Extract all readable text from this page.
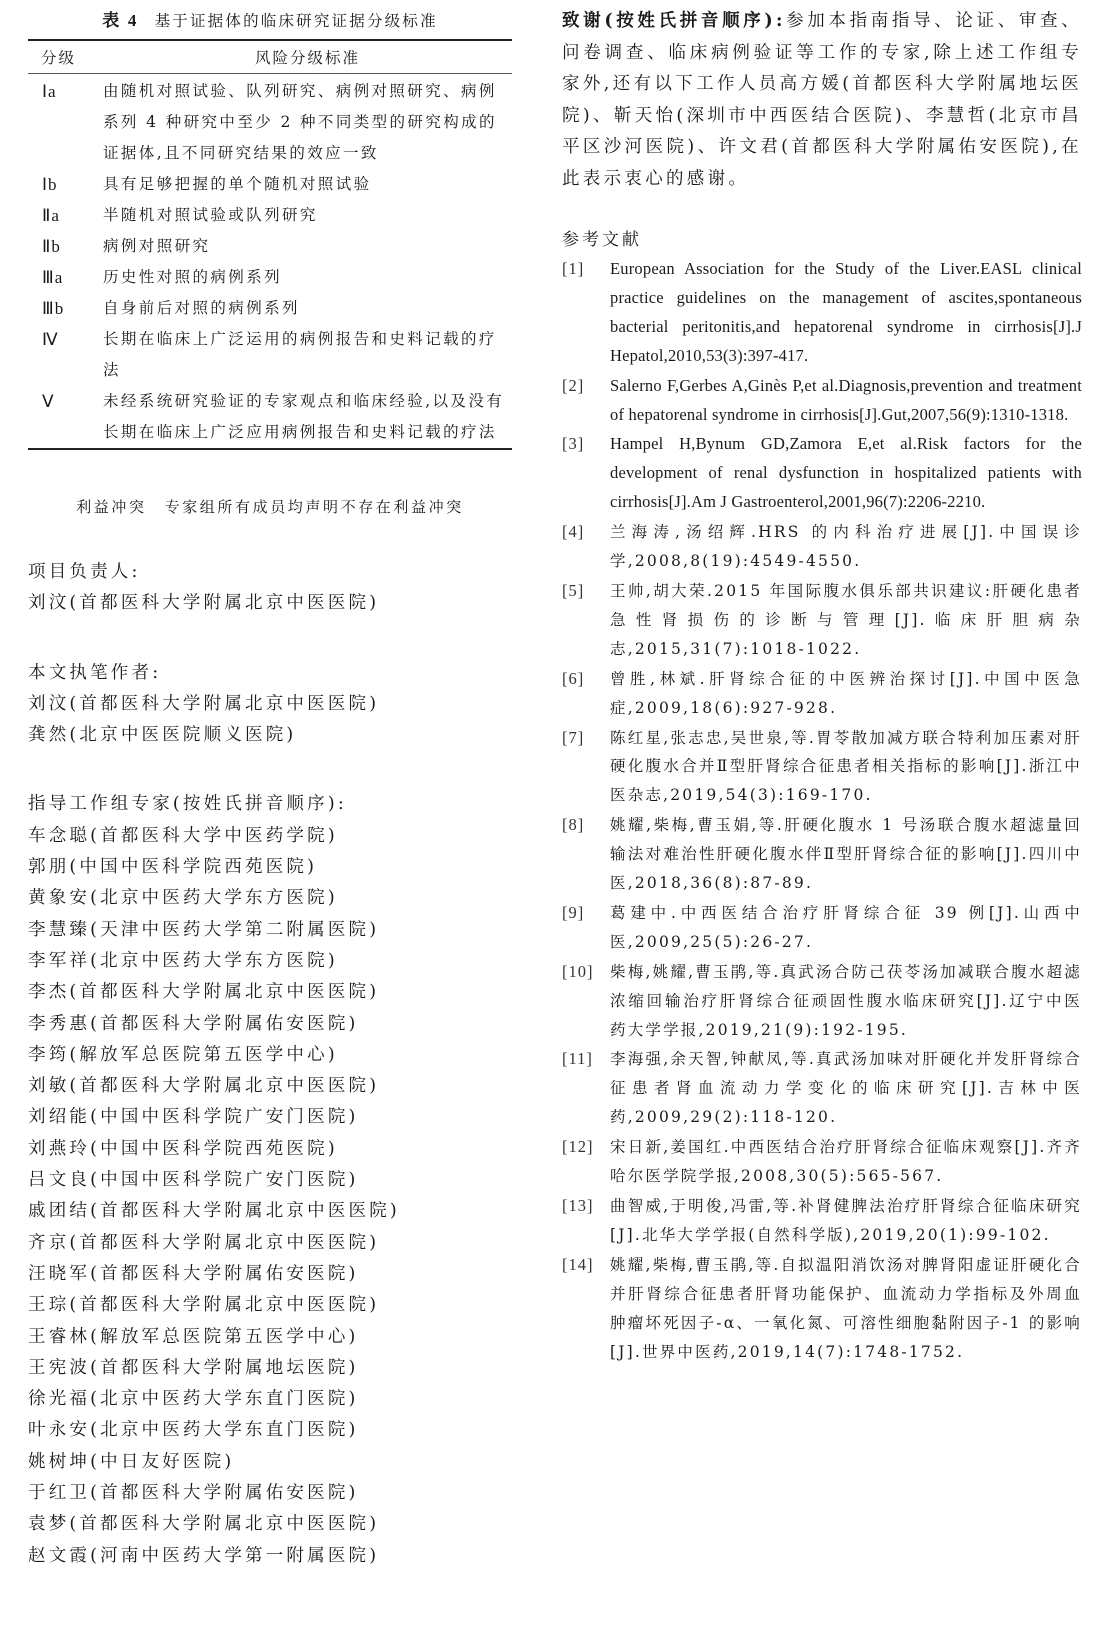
表 4 基于证据体的临床研究证据分级标准
分级	风险分级标准
Ⅰa	由随机对照试验、队列研究、病例对照研究、病例系列 4 种研究中至少 2 种不同类型的研究构成的证据体,且不同研究结果的效应一致
Ⅰb	具有足够把握的单个随机对照试验
Ⅱa	半随机对照试验或队列研究
Ⅱb	病例对照研究
Ⅲa	历史性对照的病例系列
Ⅲb	自身前后对照的病例系列
Ⅳ	长期在临床上广泛运用的病例报告和史料记载的疗法
Ⅴ	未经系统研究验证的专家观点和临床经验,以及没有长期在临床上广泛应用病例报告和史料记载的疗法
利益冲突 专家组所有成员均声明不存在利益冲突
项目负责人:
刘汶(首都医科大学附属北京中医医院)
本文执笔作者:
刘汶(首都医科大学附属北京中医医院)
龚然(北京中医医院顺义医院)
指导工作组专家(按姓氏拼音顺序):
车念聪(首都医科大学中医药学院)
郭朋(中国中医科学院西苑医院)
黄象安(北京中医药大学东方医院)
李慧臻(天津中医药大学第二附属医院)
李军祥(北京中医药大学东方医院)
李杰(首都医科大学附属北京中医医院)
李秀惠(首都医科大学附属佑安医院)
李筠(解放军总医院第五医学中心)
刘敏(首都医科大学附属北京中医医院)
刘绍能(中国中医科学院广安门医院)
刘燕玲(中国中医科学院西苑医院)
吕文良(中国中医科学院广安门医院)
戚团结(首都医科大学附属北京中医医院)
齐京(首都医科大学附属北京中医医院)
汪晓军(首都医科大学附属佑安医院)
王琮(首都医科大学附属北京中医医院)
王睿林(解放军总医院第五医学中心)
王宪波(首都医科大学附属地坛医院)
徐光福(北京中医药大学东直门医院)
叶永安(北京中医药大学东直门医院)
姚树坤(中日友好医院)
于红卫(首都医科大学附属佑安医院)
袁梦(首都医科大学附属北京中医医院)
赵文霞(河南中医药大学第一附属医院)
致谢(按姓氏拼音顺序):参加本指南指导、论证、审查、问卷调查、临床病例验证等工作的专家,除上述工作组专家外,还有以下工作人员高方媛(首都医科大学附属地坛医院)、靳天怡(深圳市中西医结合医院)、李慧哲(北京市昌平区沙河医院)、许文君(首都医科大学附属佑安医院),在此表示衷心的感谢。
参考文献
[1]	European Association for the Study of the Liver.EASL clinical practice guidelines on the management of ascites,spontaneous bacterial peritonitis,and hepatorenal syndrome in cirrhosis[J].J Hepatol,2010,53(3):397-417.
[2]	Salerno F,Gerbes A,Ginès P,et al.Diagnosis,prevention and treatment of hepatorenal syndrome in cirrhosis[J].Gut,2007,56(9):1310-1318.
[3]	Hampel H,Bynum GD,Zamora E,et al.Risk factors for the development of renal dysfunction in hospitalized patients with cirrhosis[J].Am J Gastroenterol,2001,96(7):2206-2210.
[4]	兰海涛,汤绍辉.HRS 的内科治疗进展[J].中国误诊学,2008,8(19):4549-4550.
[5]	王帅,胡大荣.2015 年国际腹水俱乐部共识建议:肝硬化患者急性肾损伤的诊断与管理[J].临床肝胆病杂志,2015,31(7):1018-1022.
[6]	曾胜,林斌.肝肾综合征的中医辨治探讨[J].中国中医急症,2009,18(6):927-928.
[7]	陈红星,张志忠,吴世泉,等.胃苓散加减方联合特利加压素对肝硬化腹水合并Ⅱ型肝肾综合征患者相关指标的影响[J].浙江中医杂志,2019,54(3):169-170.
[8]	姚耀,柴梅,曹玉娟,等.肝硬化腹水 1 号汤联合腹水超滤量回输法对难治性肝硬化腹水伴Ⅱ型肝肾综合征的影响[J].四川中医,2018,36(8):87-89.
[9]	葛建中.中西医结合治疗肝肾综合征 39 例[J].山西中医,2009,25(5):26-27.
[10]	柴梅,姚耀,曹玉鹃,等.真武汤合防己茯苓汤加减联合腹水超滤浓缩回输治疗肝肾综合征顽固性腹水临床研究[J].辽宁中医药大学学报,2019,21(9):192-195.
[11]	李海强,余天智,钟献凤,等.真武汤加味对肝硬化并发肝肾综合征患者肾血流动力学变化的临床研究[J].吉林中医药,2009,29(2):118-120.
[12]	宋日新,姜国红.中西医结合治疗肝肾综合征临床观察[J].齐齐哈尔医学院学报,2008,30(5):565-567.
[13]	曲智威,于明俊,冯雷,等.补肾健脾法治疗肝肾综合征临床研究[J].北华大学学报(自然科学版),2019,20(1):99-102.
[14]	姚耀,柴梅,曹玉鹃,等.自拟温阳消饮汤对脾肾阳虚证肝硬化合并肝肾综合征患者肝肾功能保护、血流动力学指标及外周血肿瘤坏死因子-α、一氧化氮、可溶性细胞黏附因子-1 的影响[J].世界中医药,2019,14(7):1748-1752.
